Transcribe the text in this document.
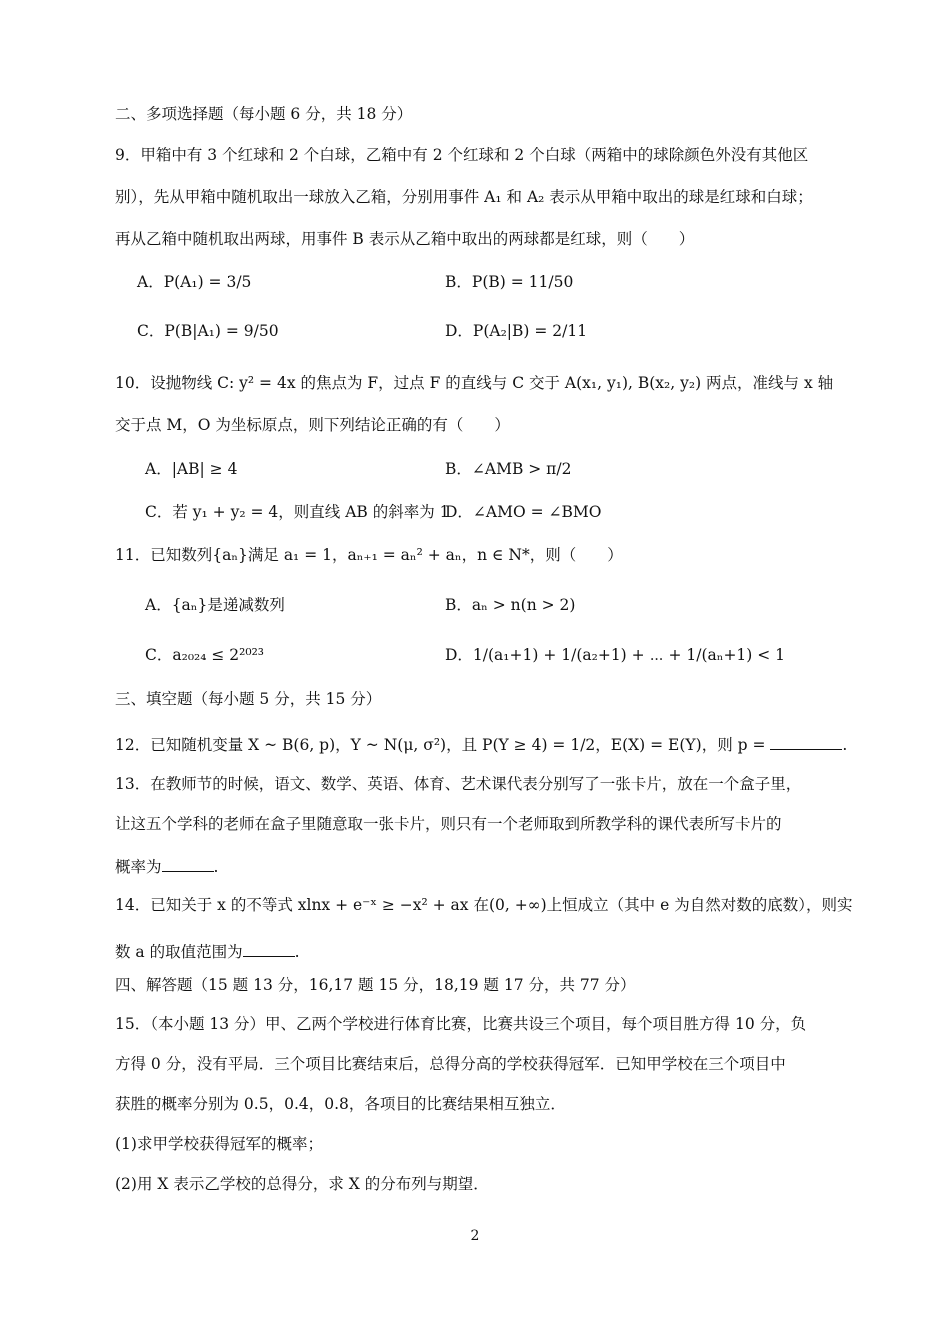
二、多项选择题（每小题 6 分，共 18 分）
9．甲箱中有 3 个红球和 2 个白球，乙箱中有 2 个红球和 2 个白球（两箱中的球除颜色外没有其他区
别），先从甲箱中随机取出一球放入乙箱，分别用事件 A₁ 和 A₂ 表示从甲箱中取出的球是红球和白球；
再从乙箱中随机取出两球，用事件 B 表示从乙箱中取出的两球都是红球，则（　　）
A．P(A₁) = 3/5	B．P(B) = 11/50
C．P(B|A₁) = 9/50	D．P(A₂|B) = 2/11
10．设抛物线 C: y² = 4x 的焦点为 F，过点 F 的直线与 C 交于 A(x₁, y₁), B(x₂, y₂) 两点，准线与 x 轴
交于点 M，O 为坐标原点，则下列结论正确的有（　　）
A．|AB| ≥ 4	B．∠AMB > π/2
C．若 y₁ + y₂ = 4，则直线 AB 的斜率为 1
D．∠AMO = ∠BMO
11．已知数列{aₙ}满足 a₁ = 1，aₙ₊₁ = aₙ² + aₙ，n ∈ N*，则（　　）
A．{aₙ}是递减数列	B．aₙ > n(n > 2)
C．a₂₀₂₄ ≤ 2²⁰²³	D．1/(a₁+1) + 1/(a₂+1) + ⋯ + 1/(aₙ+1) < 1
三、填空题（每小题 5 分，共 15 分）
12．已知随机变量 X ~ B(6, p)，Y ~ N(μ, σ²)，且 P(Y ≥ 4) = 1/2，E(X) = E(Y)，则 p =	.
13．在教师节的时候，语文、数学、英语、体育、艺术课代表分别写了一张卡片，放在一个盒子里，
让这五个学科的老师在盒子里随意取一张卡片，则只有一个老师取到所教学科的课代表所写卡片的
概率为	.
14．已知关于 x 的不等式 xlnx + e⁻ˣ ≥ −x² + ax 在(0, +∞)上恒成立（其中 e 为自然对数的底数），则实
数 a 的取值范围为	.
四、解答题（15 题 13 分，16,17 题 15 分，18,19 题 17 分，共 77 分）
15．（本小题 13 分）甲、乙两个学校进行体育比赛，比赛共设三个项目，每个项目胜方得 10 分，负
方得 0 分，没有平局．三个项目比赛结束后，总得分高的学校获得冠军．已知甲学校在三个项目中
获胜的概率分别为 0.5，0.4，0.8，各项目的比赛结果相互独立．
(1)求甲学校获得冠军的概率；
(2)用 X 表示乙学校的总得分，求 X 的分布列与期望．
2
